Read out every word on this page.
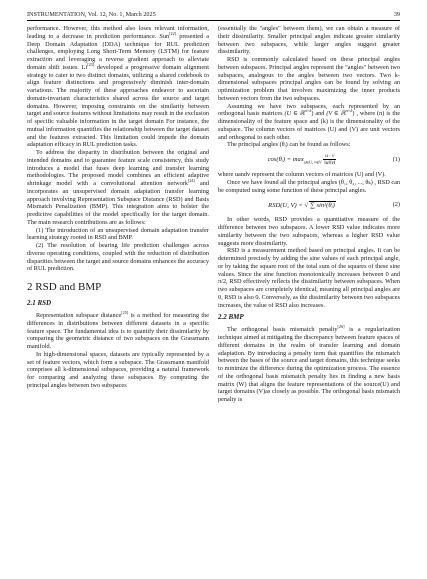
INSTRUMENTATION, Vol. 12, No. 1, March 2025	39

performance. However, this method also loses relevant information, leading to a decrease in prediction performance. Sun[22] presented a Deep Domain Adaptation (DDA) technique for RUL prediction challenges, employing Long Short-Term Memory (LSTM) for feature extraction and leveraging a reverse gradient approach to alleviate domain shift issues. Li[23] developed a progressive domain alignment strategy to cater to two distinct domains, utilizing a shared codebook to align feature distinctions and progressively diminish inter-domain variations. The majority of these approaches endeavor to ascertain domain-invariant characteristics shared across the source and target domains. However, imposing constraints on the similarity between target and source features without limitations may result in the exclusion of specific valuable information in the target domain For instance, the mutual information quantifies the relationship between the target dataset and the features extracted. This limitation could impede the domain adaptation efficacy in RUL prediction tasks.

To address the disparity in distribution between the original and intended domains and to guarantee feature scale consistency, this study introduces a model that fuses deep learning and transfer learning methodologies. The proposed model combines an efficient adaptive shrinkage model with a convolutional attention network[24] and incorporates an unsupervised domain adaptation transfer learning approach involving Representation Subspace Distance (RSD) and Basis Mismatch Penalization (BMP). This integration aims to bolster the predictive capabilities of the model specifically for the target domain. The main research contributions are as follows:

(1) The introduction of an unsupervised domain adaptation transfer learning strategy rooted in RSD and BMP.

(2) The resolution of bearing life prediction challenges across diverse operating conditions, coupled with the reduction of distribution disparities between the target and source domains enhances the accuracy of RUL prediction.

2 RSD and BMP
2.1 RSD

Representation subspace distance[25] is a method for measuring the differences in distributions between different datasets in a specific feature space. The fundamental idea is to quantify their dissimilarity by comparing the geometric distance of two subspaces on the Grassmann manifold.

In high-dimensional spaces, datasets are typically represented by a set of feature vectors, which form a subspace. The Grassmann manifold comprises all k-dimensional subspaces, providing a natural framework for comparing and analyzing these subspaces. By computing the principal angles between two subspaces

(essentially the "angles" between them), we can obtain a measure of their dissimilarity. Smaller principal angles indicate greater similarity between two subspaces, while larger angles suggest greater dissimilarity.

RSD is commonly calculated based on these principal angles between subspaces. Principal angles represent the "angles" between two subspaces, analogous to the angles between two vectors. Two k-dimensional subspaces principal angles can be found by solving an optimization problem that involves maximizing the inner products between vectors from the two subspaces.

Assuming we have two subspaces, each represented by an orthogonal basis matrices (U ∈ ℝ$^{n\times k}$) and (V ∈ ℝ$^{n\times k}$) , where (n) is the dimensionality of the feature space and (k) is the dimensionality of the subspace. The column vectors of matrices (U) and (V) are unit vectors and orthogonal to each other.

The principal angles (θᵢ) can be found as follows:

cos(θᵢ) = $\max_{u\in U, v\in V} \frac{u \cdot v}{‖u‖‖v‖}$	(1)

where uandv represent the column vectors of matrices (U) and (V).

Once we have found all the principal angles (θ₁, θ₂, ..., θₖ) , RSD can be computed using some function of these principal angles.

RSD(U, V) = √ ∑ sin²(θᵢ)	(2)

In other words, RSD provides a quantitative measure of the difference between two subspaces. A lower RSD value indicates more similarity between the two subspaces, whereas a higher RSD value suggests more dissimilarity.

RSD is a measurement method based on principal angles. It can be determined precisely by adding the sine values of each principal angle, or by taking the square root of the total sum of the squares of these sine values. Since the sine function monotonically increases between 0 and π/2, RSD effectively reflects the dissimilarity between subspaces. When two subspaces are completely identical, meaning all principal angles are 0, RSD is also 0. Conversely, as the dissimilarity between two subspaces increases, the value of RSD also increases.

2.2 BMP

The orthogonal basis mismatch penalty[26] is a regularization technique aimed at mitigating the discrepancy between feature spaces of different domains in the realm of transfer learning and domain adaptation. By introducing a penalty term that quantifies the mismatch between the bases of the source and target domains, this technique seeks to minimize the difference during the optimization process. The essence of the orthogonal basis mismatch penalty lies in finding a new basis matrix (W) that aligns the feature representations of the source(U) and target domains (V)as closely as possible. The orthogonal basis mismatch penalty is
